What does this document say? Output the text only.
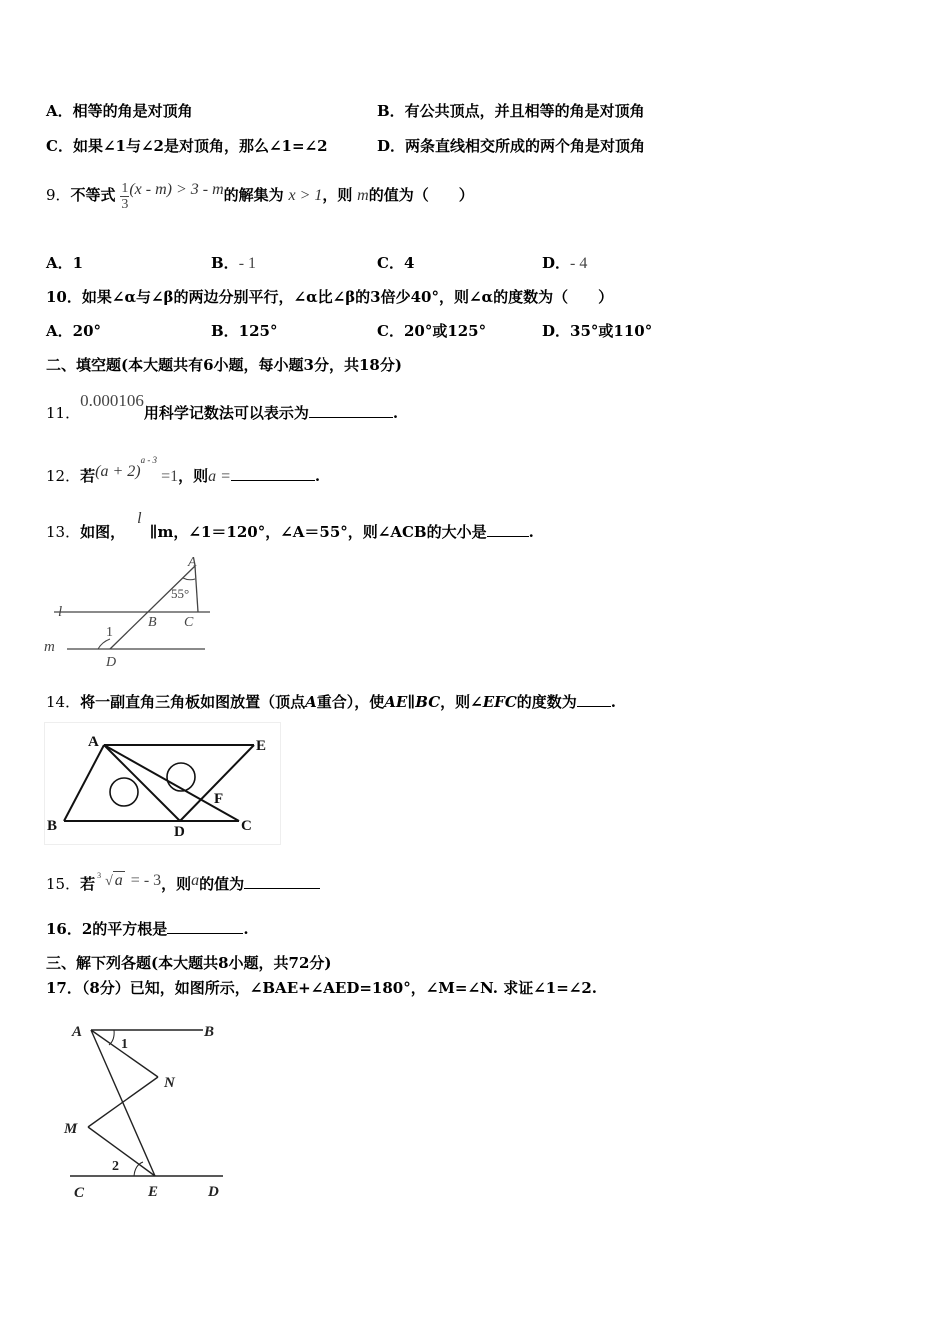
A．相等的角是对顶角	B．有公共顶点，并且相等的角是对顶角
C．如果∠1与∠2是对顶角，那么∠1=∠2	D．两条直线相交所成的两个角是对顶角
9．不等式 $\frac{1}{3} (x - m) > 3 - m$的解集为 x > 1，则 m的值为（　　）
A．1	B．- 1	C．4	D．- 4
10．如果∠α与∠β的两边分别平行，∠α比∠β的3倍少40°，则∠α的度数为（　　）
A．20°	B．125°	C．20°或125°	D．35°或110°
二、填空题(本大题共有6小题，每小题3分，共18分)
11．0.000106用科学记数法可以表示为	.
12．若$(a + 2)^{a - 3}=1$，则a =	.
13．如图，l∥m，∠1＝120°，∠A＝55°，则∠ACB的大小是	.
A
55°
l
m
B C
1
D
14．将一副直角三角板如图放置（顶点A重合），使AE∥BC，则∠EFC的度数为 .
A	E
F
B	D	C
15．若 3 √ a = - 3，则a的值为
16．2的平方根是	.
三、解下列各题(本大题共8小题，共72分)
17．（8分）已知，如图所示，∠BAE+∠AED=180°，∠M=∠N. 求证∠1=∠2.
A	B
1
N
M
2
C	E	D
